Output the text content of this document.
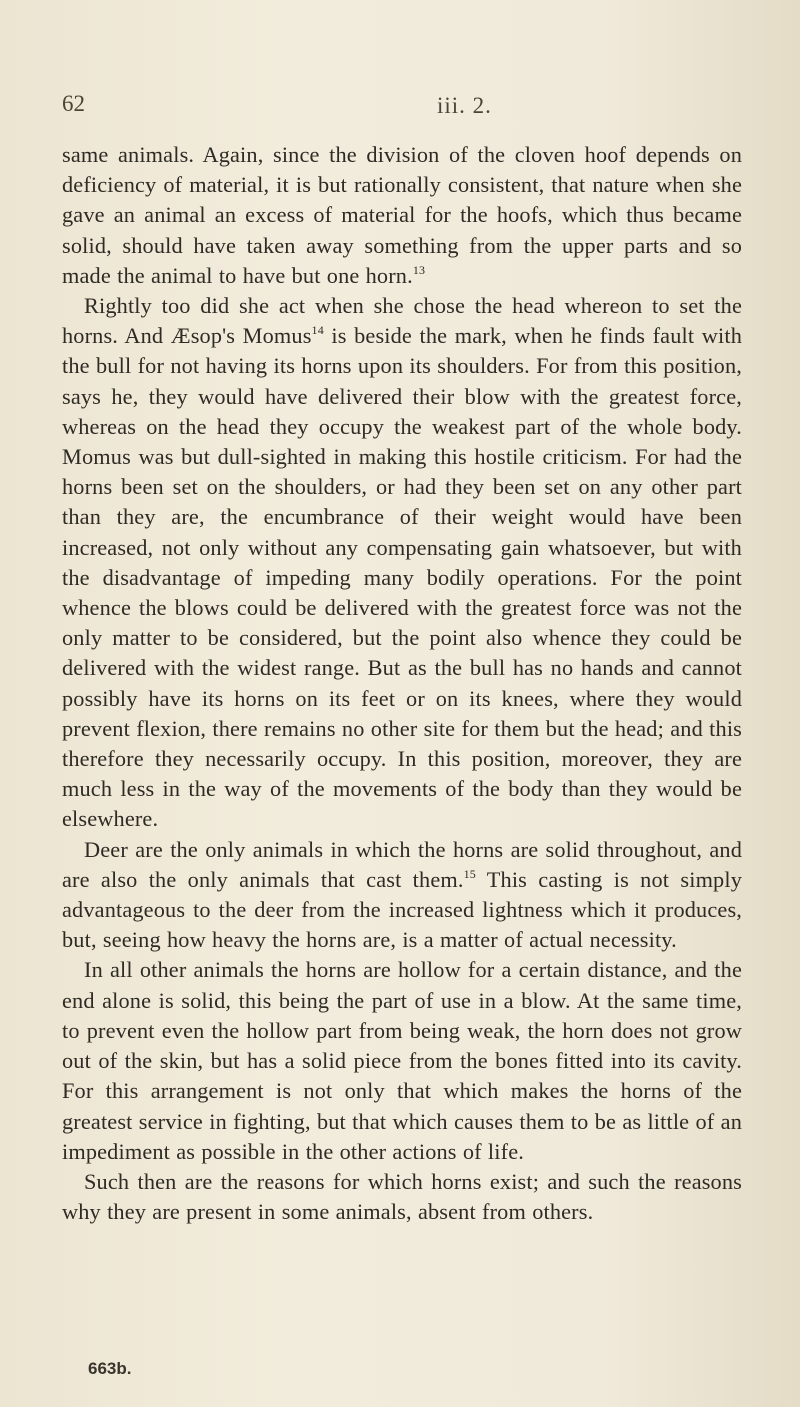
62	iii. 2.

same animals. Again, since the division of the cloven hoof depends on deficiency of material, it is but rationally consistent, that nature when she gave an animal an excess of material for the hoofs, which thus became solid, should have taken away something from the upper parts and so made the animal to have but one horn.$^{13}$

Rightly too did she act when she chose the head whereon to set the horns. And Æsop's Momus$^{14}$ is beside the mark, when he finds fault with the bull for not having its horns upon its shoulders. For from this position, says he, they would have delivered their blow with the greatest force, whereas on the head they occupy the weakest part of the whole body. Momus was but dull-sighted in making this hostile criticism. For had the horns been set on the shoulders, or had they been set on any other part than they are, the encumbrance of their weight would have been increased, not only without any compensating gain whatsoever, but with the disadvantage of impeding many bodily operations. For the point whence the blows could be delivered with the greatest force was not the only matter to be considered, but the point also whence they could be delivered with the widest range. But as the bull has no hands and cannot possibly have its horns on its feet or on its knees, where they would prevent flexion, there remains no other site for them but the head; and this therefore they necessarily occupy. In this position, moreover, they are much less in the way of the movements of the body than they would be elsewhere.

Deer are the only animals in which the horns are solid throughout, and are also the only animals that cast them.$^{15}$ This casting is not simply advantageous to the deer from the increased lightness which it produces, but, seeing how heavy the horns are, is a matter of actual necessity.

In all other animals the horns are hollow for a certain distance, and the end alone is solid, this being the part of use in a blow. At the same time, to prevent even the hollow part from being weak, the horn does not grow out of the skin, but has a solid piece from the bones fitted into its cavity. For this arrangement is not only that which makes the horns of the greatest service in fighting, but that which causes them to be as little of an impediment as possible in the other actions of life.

Such then are the reasons for which horns exist; and such the reasons why they are present in some animals, absent from others.

663b.
